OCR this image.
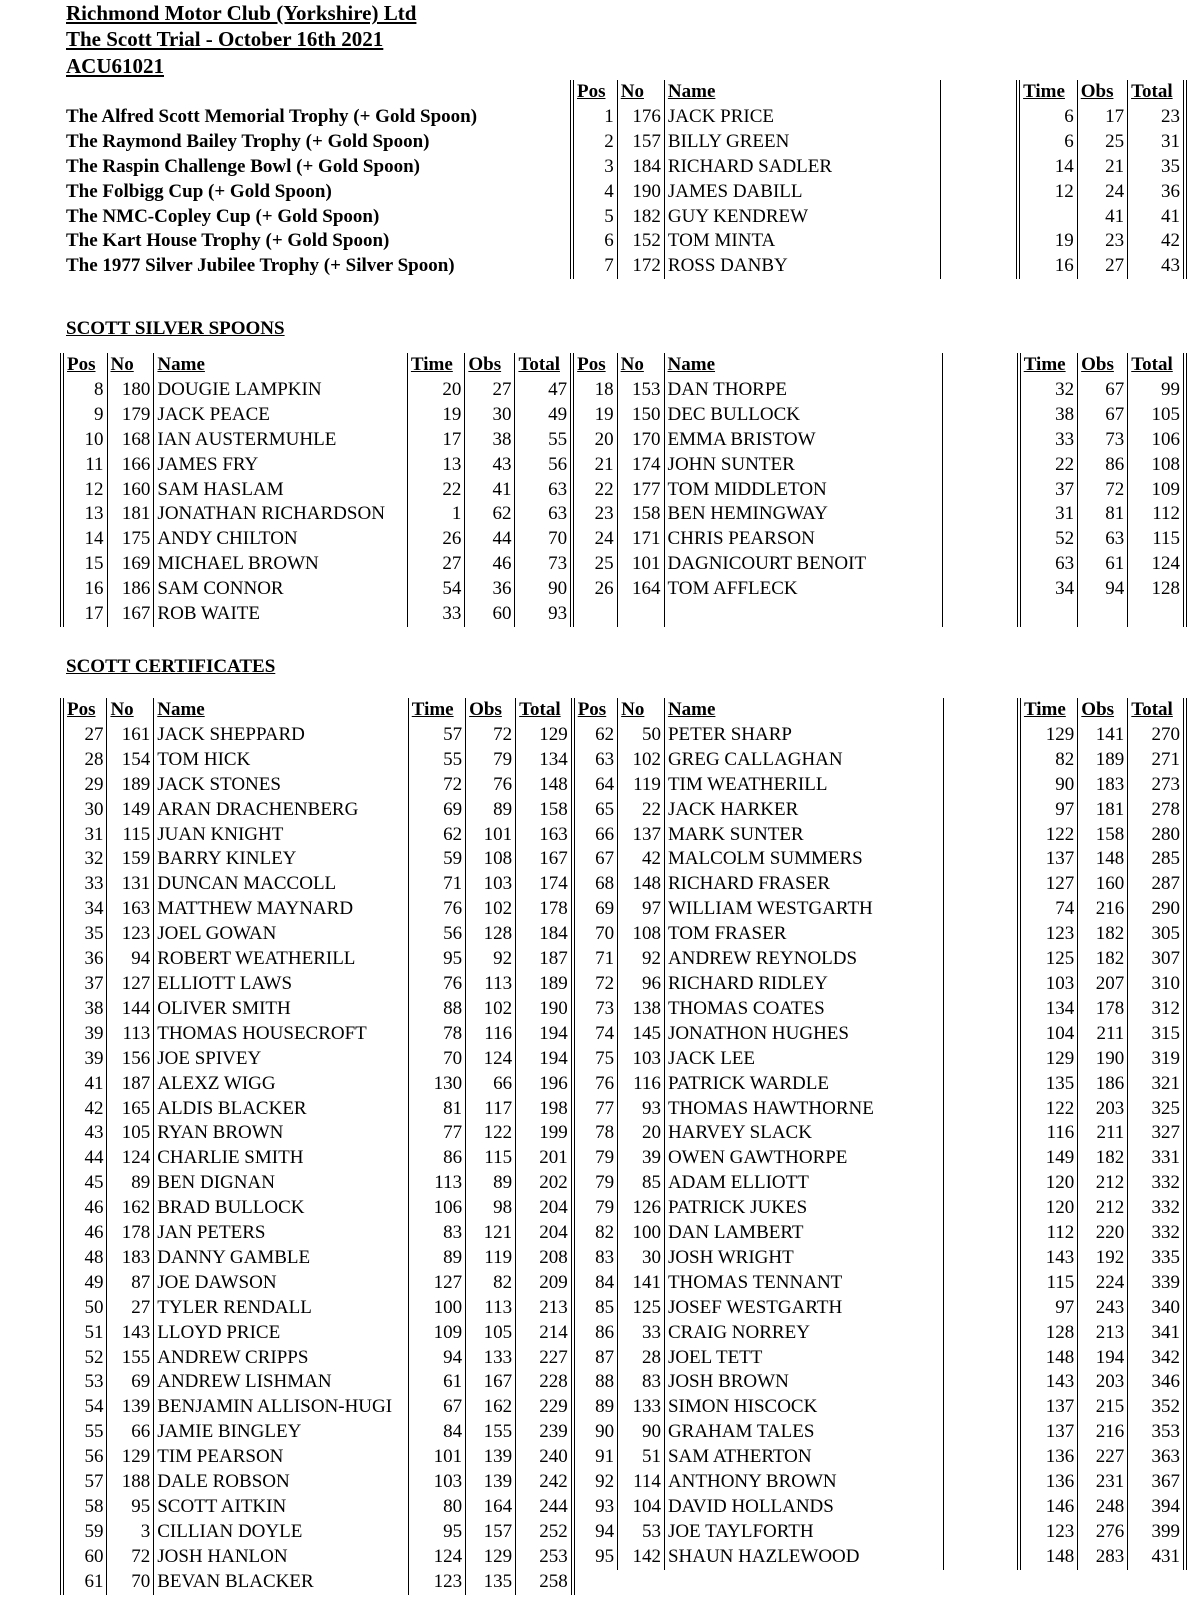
Richmond Motor Club (Yorkshire) Ltd
The Scott Trial - October 16th 2021
ACU61021
The Alfred Scott Memorial Trophy (+ Gold Spoon)
The Raymond Bailey Trophy (+ Gold Spoon)
The Raspin Challenge Bowl (+ Gold Spoon)
The Folbigg Cup (+ Gold Spoon)
The NMC-Copley Cup (+ Gold Spoon)
The Kart House Trophy (+ Gold Spoon)
The 1977 Silver Jubilee Trophy (+ Silver Spoon)
Pos	No	Name		Time	Obs	Total
1	176	JACK PRICE		6	17	23
2	157	BILLY GREEN		6	25	31
3	184	RICHARD SADLER		14	21	35
4	190	JAMES DABILL		12	24	36
5	182	GUY KENDREW			41	41
6	152	TOM MINTA		19	23	42
7	172	ROSS DANBY		16	27	43
SCOTT SILVER SPOONS
Pos	No	Name	Time	Obs	Total	Pos	No	Name		Time	Obs	Total
8	180	DOUGIE LAMPKIN	20	27	47	18	153	DAN THORPE		32	67	99
9	179	JACK PEACE	19	30	49	19	150	DEC BULLOCK		38	67	105
10	168	IAN AUSTERMUHLE	17	38	55	20	170	EMMA BRISTOW		33	73	106
11	166	JAMES FRY	13	43	56	21	174	JOHN SUNTER		22	86	108
12	160	SAM HASLAM	22	41	63	22	177	TOM MIDDLETON		37	72	109
13	181	JONATHAN RICHARDSON	1	62	63	23	158	BEN HEMINGWAY		31	81	112
14	175	ANDY CHILTON	26	44	70	24	171	CHRIS PEARSON		52	63	115
15	169	MICHAEL BROWN	27	46	73	25	101	DAGNICOURT BENOIT		63	61	124
16	186	SAM CONNOR	54	36	90	26	164	TOM AFFLECK		34	94	128
17	167	ROB WAITE	33	60	93							
SCOTT CERTIFICATES
Pos	No	Name	Time	Obs	Total	Pos	No	Name		Time	Obs	Total
27	161	JACK SHEPPARD	57	72	129	62	50	PETER SHARP		129	141	270
28	154	TOM HICK	55	79	134	63	102	GREG CALLAGHAN		82	189	271
29	189	JACK STONES	72	76	148	64	119	TIM WEATHERILL		90	183	273
30	149	ARAN DRACHENBERG	69	89	158	65	22	JACK HARKER		97	181	278
31	115	JUAN KNIGHT	62	101	163	66	137	MARK SUNTER		122	158	280
32	159	BARRY KINLEY	59	108	167	67	42	MALCOLM SUMMERS		137	148	285
33	131	DUNCAN MACCOLL	71	103	174	68	148	RICHARD FRASER		127	160	287
34	163	MATTHEW MAYNARD	76	102	178	69	97	WILLIAM WESTGARTH		74	216	290
35	123	JOEL GOWAN	56	128	184	70	108	TOM FRASER		123	182	305
36	94	ROBERT WEATHERILL	95	92	187	71	92	ANDREW REYNOLDS		125	182	307
37	127	ELLIOTT LAWS	76	113	189	72	96	RICHARD RIDLEY		103	207	310
38	144	OLIVER SMITH	88	102	190	73	138	THOMAS COATES		134	178	312
39	113	THOMAS HOUSECROFT	78	116	194	74	145	JONATHON HUGHES		104	211	315
39	156	JOE SPIVEY	70	124	194	75	103	JACK LEE		129	190	319
41	187	ALEXZ WIGG	130	66	196	76	116	PATRICK WARDLE		135	186	321
42	165	ALDIS BLACKER	81	117	198	77	93	THOMAS HAWTHORNE		122	203	325
43	105	RYAN BROWN	77	122	199	78	20	HARVEY SLACK		116	211	327
44	124	CHARLIE SMITH	86	115	201	79	39	OWEN GAWTHORPE		149	182	331
45	89	BEN DIGNAN	113	89	202	79	85	ADAM ELLIOTT		120	212	332
46	162	BRAD BULLOCK	106	98	204	79	126	PATRICK JUKES		120	212	332
46	178	JAN PETERS	83	121	204	82	100	DAN LAMBERT		112	220	332
48	183	DANNY GAMBLE	89	119	208	83	30	JOSH WRIGHT		143	192	335
49	87	JOE DAWSON	127	82	209	84	141	THOMAS TENNANT		115	224	339
50	27	TYLER RENDALL	100	113	213	85	125	JOSEF WESTGARTH		97	243	340
51	143	LLOYD PRICE	109	105	214	86	33	CRAIG NORREY		128	213	341
52	155	ANDREW CRIPPS	94	133	227	87	28	JOEL TETT		148	194	342
53	69	ANDREW LISHMAN	61	167	228	88	83	JOSH BROWN		143	203	346
54	139	BENJAMIN ALLISON-HUGI	67	162	229	89	133	SIMON HISCOCK		137	215	352
55	66	JAMIE BINGLEY	84	155	239	90	90	GRAHAM TALES		137	216	353
56	129	TIM PEARSON	101	139	240	91	51	SAM ATHERTON		136	227	363
57	188	DALE ROBSON	103	139	242	92	114	ANTHONY BROWN		136	231	367
58	95	SCOTT AITKIN	80	164	244	93	104	DAVID HOLLANDS		146	248	394
59	3	CILLIAN DOYLE	95	157	252	94	53	JOE TAYLFORTH		123	276	399
60	72	JOSH HANLON	124	129	253	95	142	SHAUN HAZLEWOOD		148	283	431
61	70	BEVAN BLACKER	123	135	258							
